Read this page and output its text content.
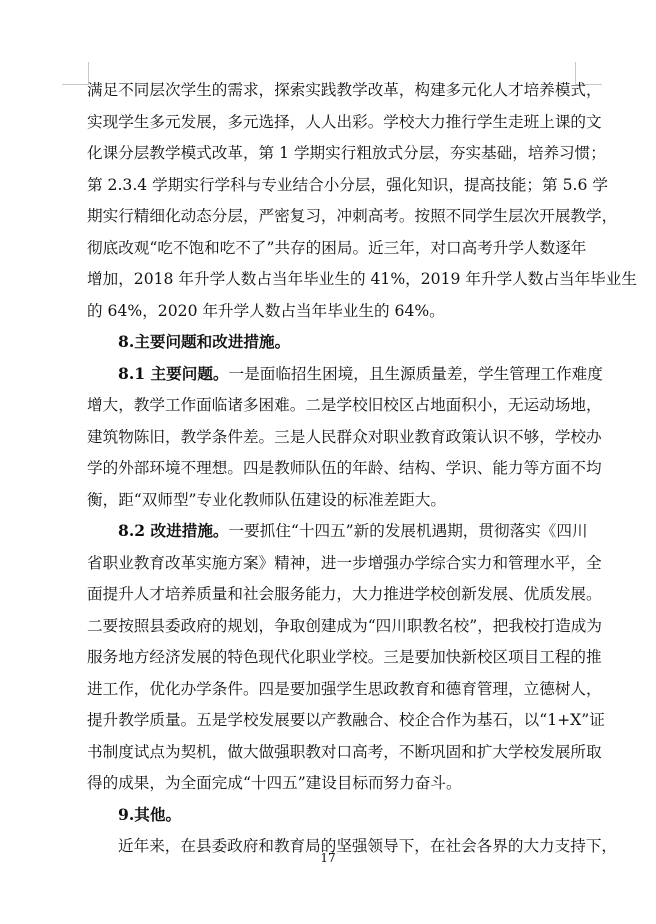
满足不同层次学生的需求，探索实践教学改革，构建多元化人才培养模式，
实现学生多元发展，多元选择，人人出彩。学校大力推行学生走班上课的文
化课分层教学模式改革，第 1 学期实行粗放式分层，夯实基础，培养习惯；
第 2.3.4 学期实行学科与专业结合小分层，强化知识，提高技能；第 5.6 学
期实行精细化动态分层，严密复习，冲刺高考。按照不同学生层次开展教学，
彻底改观“吃不饱和吃不了”共存的困局。近三年，对口高考升学人数逐年
增加，2018 年升学人数占当年毕业生的 41%，2019 年升学人数占当年毕业生
的 64%，2020 年升学人数占当年毕业生的 64%。
8.主要问题和改进措施。
8.1 主要问题。一是面临招生困境，且生源质量差，学生管理工作难度
增大，教学工作面临诸多困难。二是学校旧校区占地面积小，无运动场地，
建筑物陈旧，教学条件差。三是人民群众对职业教育政策认识不够，学校办
学的外部环境不理想。四是教师队伍的年龄、结构、学识、能力等方面不均
衡，距“双师型”专业化教师队伍建设的标准差距大。
8.2 改进措施。一要抓住“十四五”新的发展机遇期，贯彻落实《四川
省职业教育改革实施方案》精神，进一步增强办学综合实力和管理水平，全
面提升人才培养质量和社会服务能力，大力推进学校创新发展、优质发展。
二要按照县委政府的规划，争取创建成为“四川职教名校”，把我校打造成为
服务地方经济发展的特色现代化职业学校。三是要加快新校区项目工程的推
进工作，优化办学条件。四是要加强学生思政教育和德育管理，立德树人，
提升教学质量。五是学校发展要以产教融合、校企合作为基石，以“1+X”证
书制度试点为契机，做大做强职教对口高考，不断巩固和扩大学校发展所取
得的成果，为全面完成“十四五”建设目标而努力奋斗。
9.其他。
近年来，在县委政府和教育局的坚强领导下，在社会各界的大力支持下，
17
